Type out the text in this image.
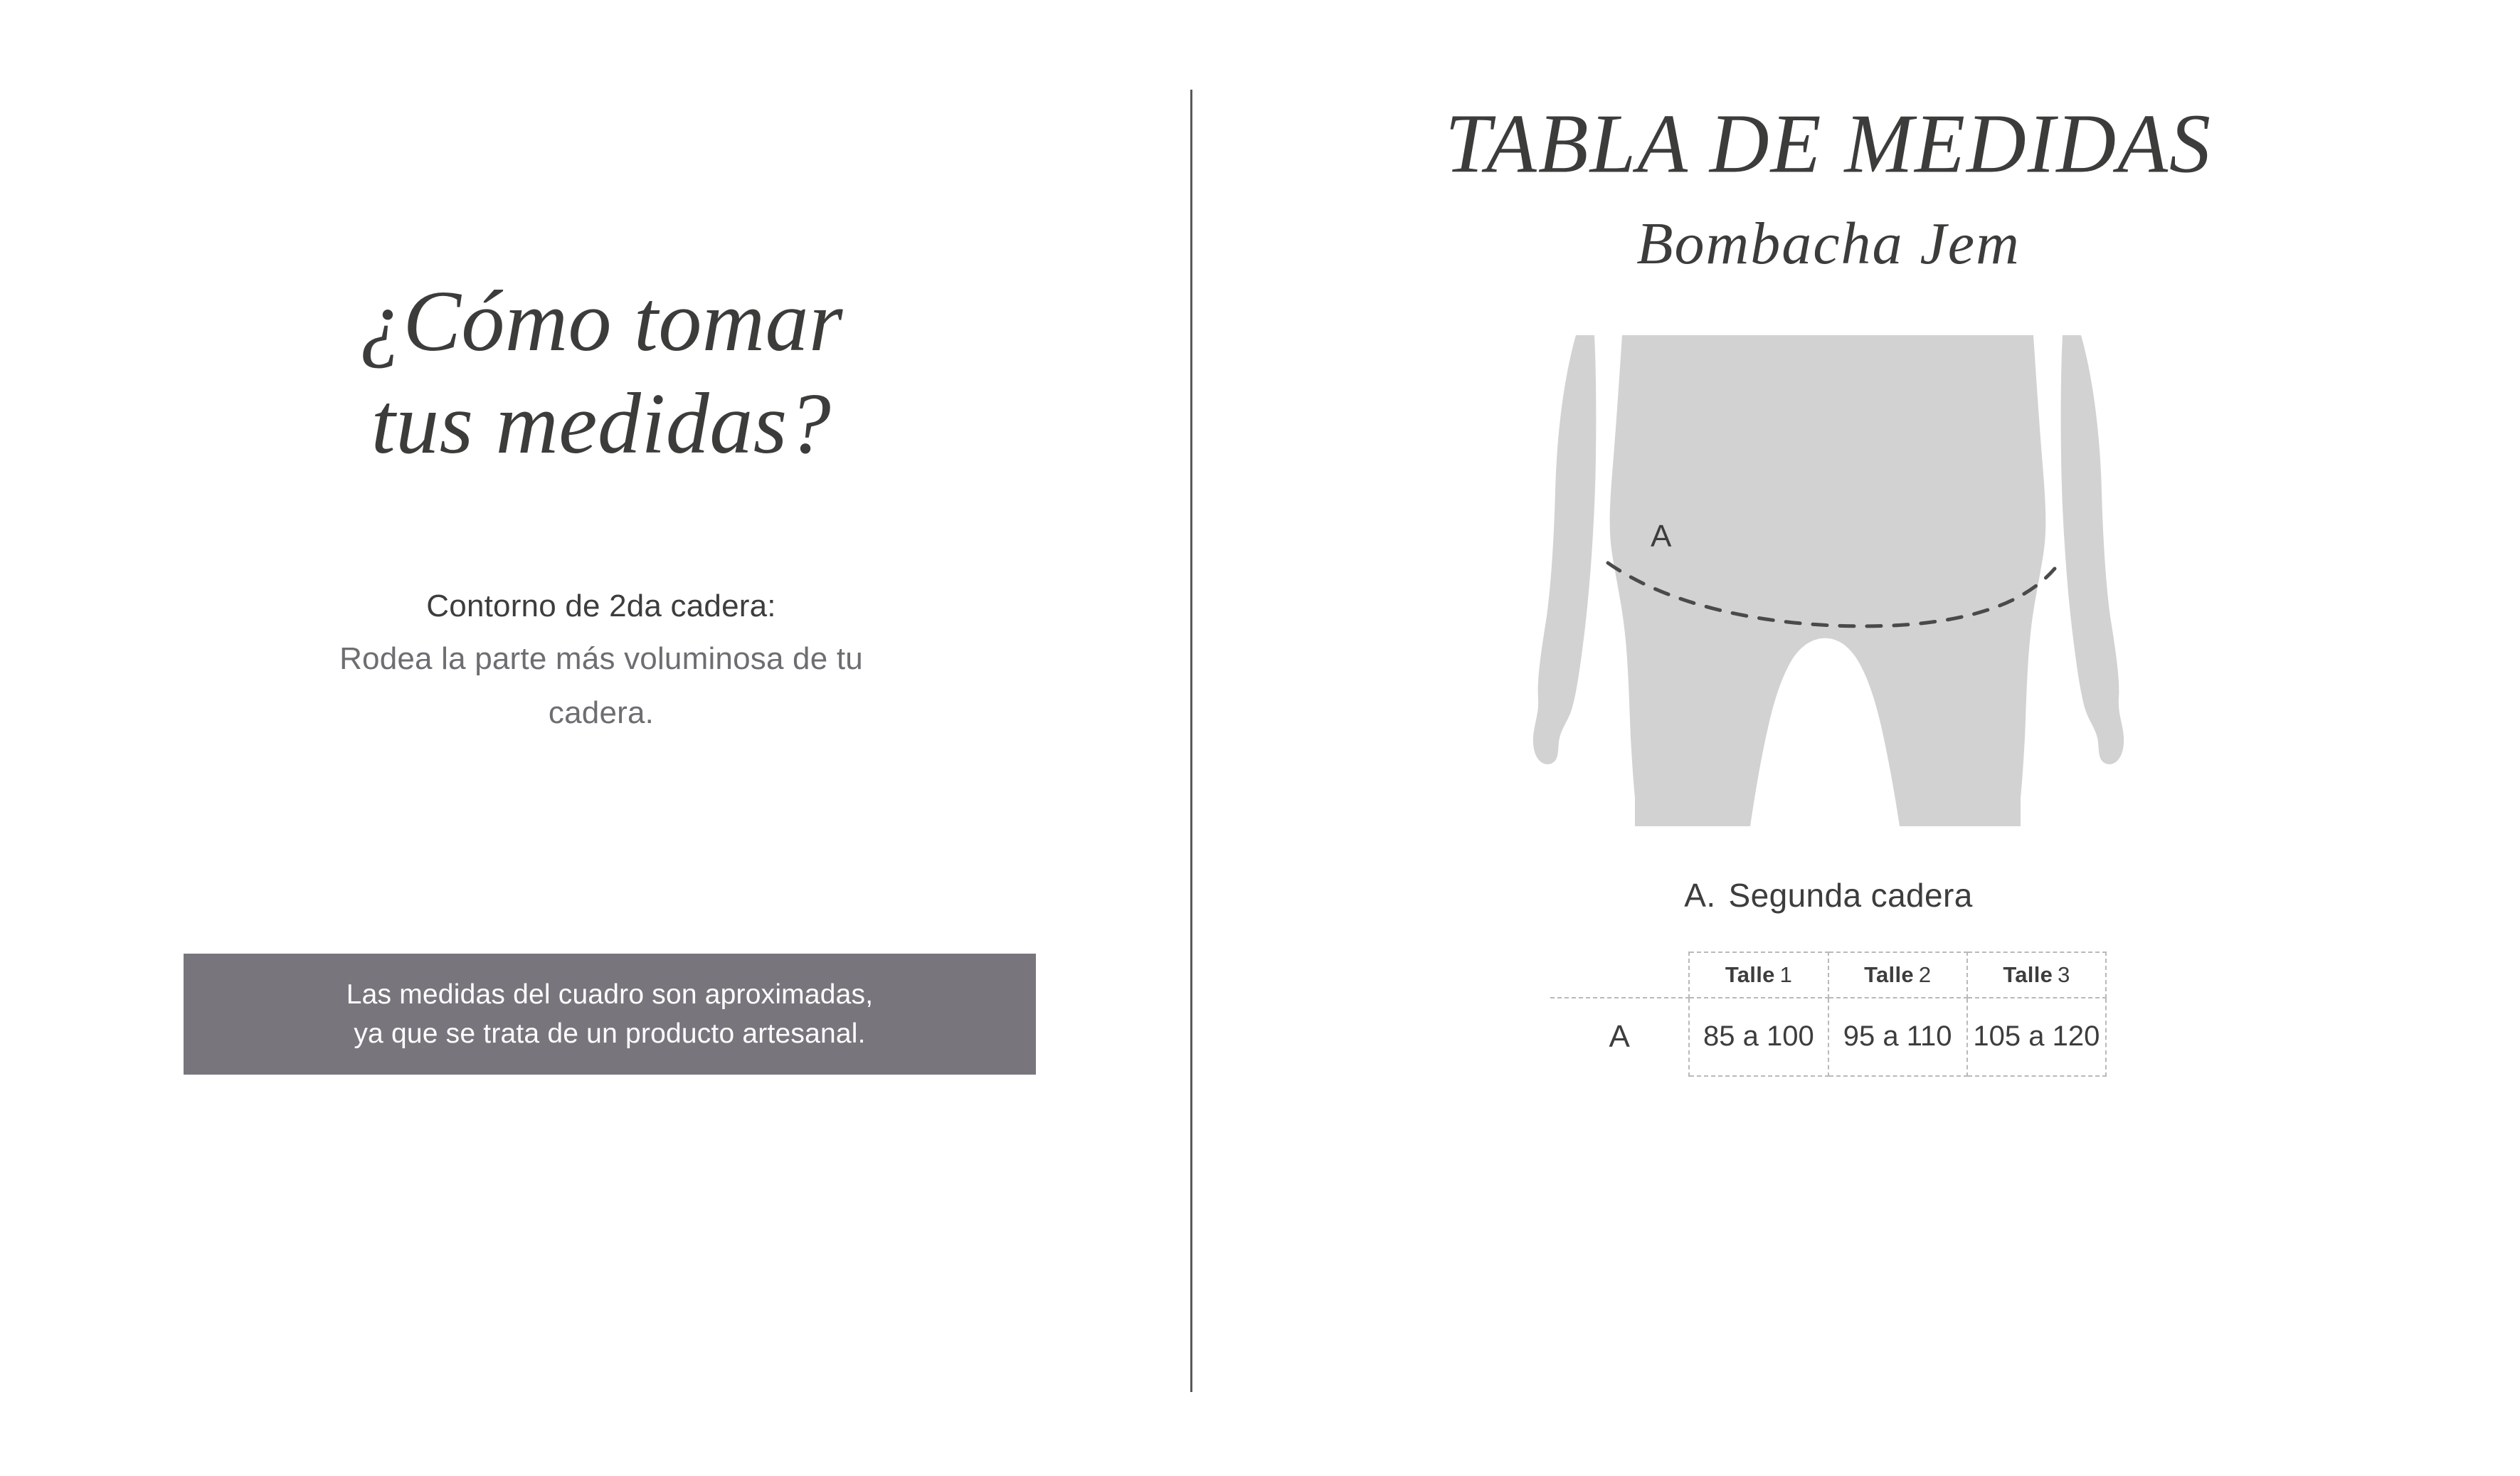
¿Cómo tomar
tus medidas?
Contorno de 2da cadera:
Rodea la parte más voluminosa de tu
cadera.
Las medidas del cuadro son aproximadas,
ya que se trata de un producto artesanal.
TABLA DE MEDIDAS
Bombacha Jem
A
A. Segunda cadera
	Talle 1	Talle 2	Talle 3
A	85 a 100	95 a 110	105 a 120
